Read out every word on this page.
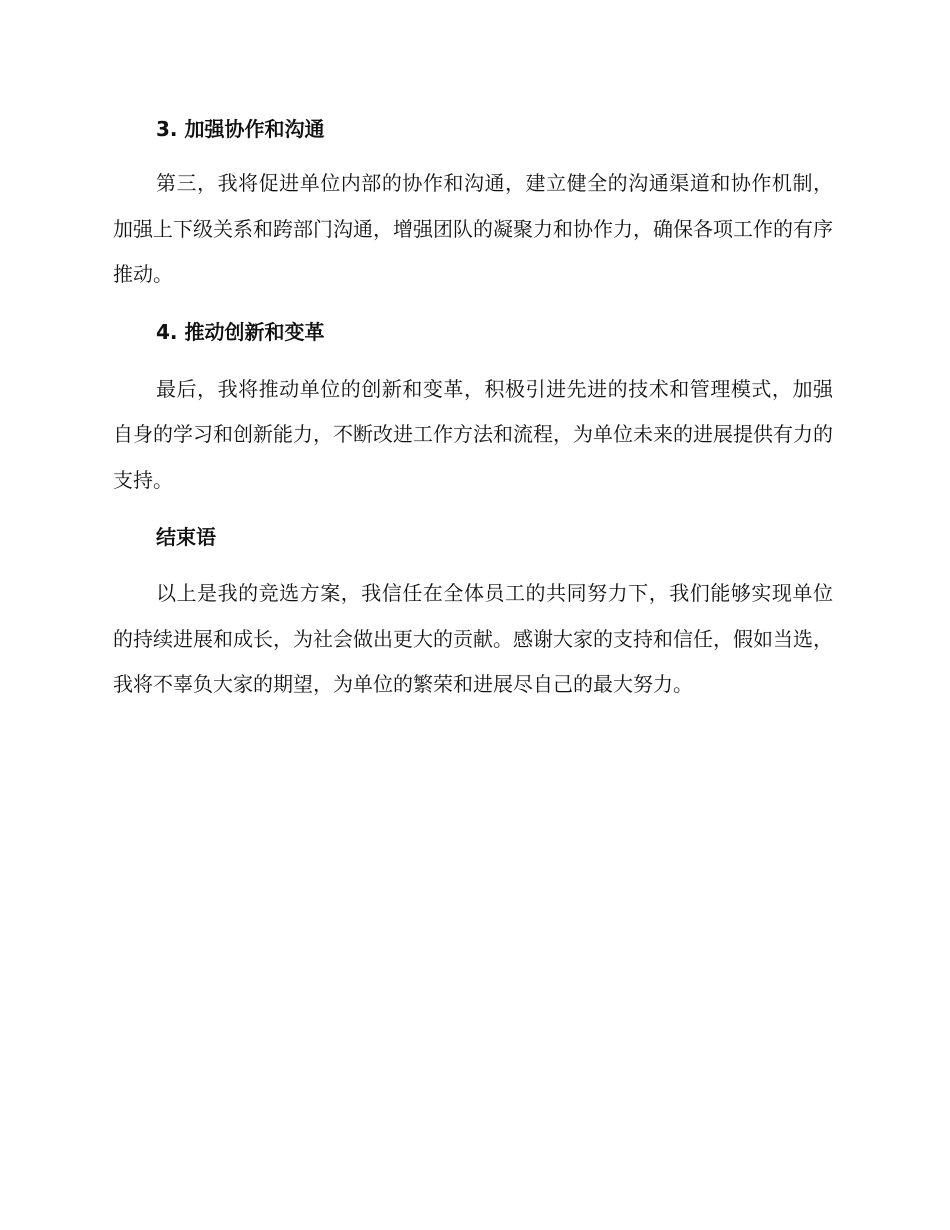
3. 加强协作和沟通

第三，我将促进单位内部的协作和沟通，建立健全的沟通渠道和协作机制，加强上下级关系和跨部门沟通，增强团队的凝聚力和协作力，确保各项工作的有序推动。

4. 推动创新和变革

最后，我将推动单位的创新和变革，积极引进先进的技术和管理模式，加强自身的学习和创新能力，不断改进工作方法和流程，为单位未来的进展提供有力的支持。

结束语

以上是我的竞选方案，我信任在全体员工的共同努力下，我们能够实现单位的持续进展和成长，为社会做出更大的贡献。感谢大家的支持和信任，假如当选，我将不辜负大家的期望，为单位的繁荣和进展尽自己的最大努力。
